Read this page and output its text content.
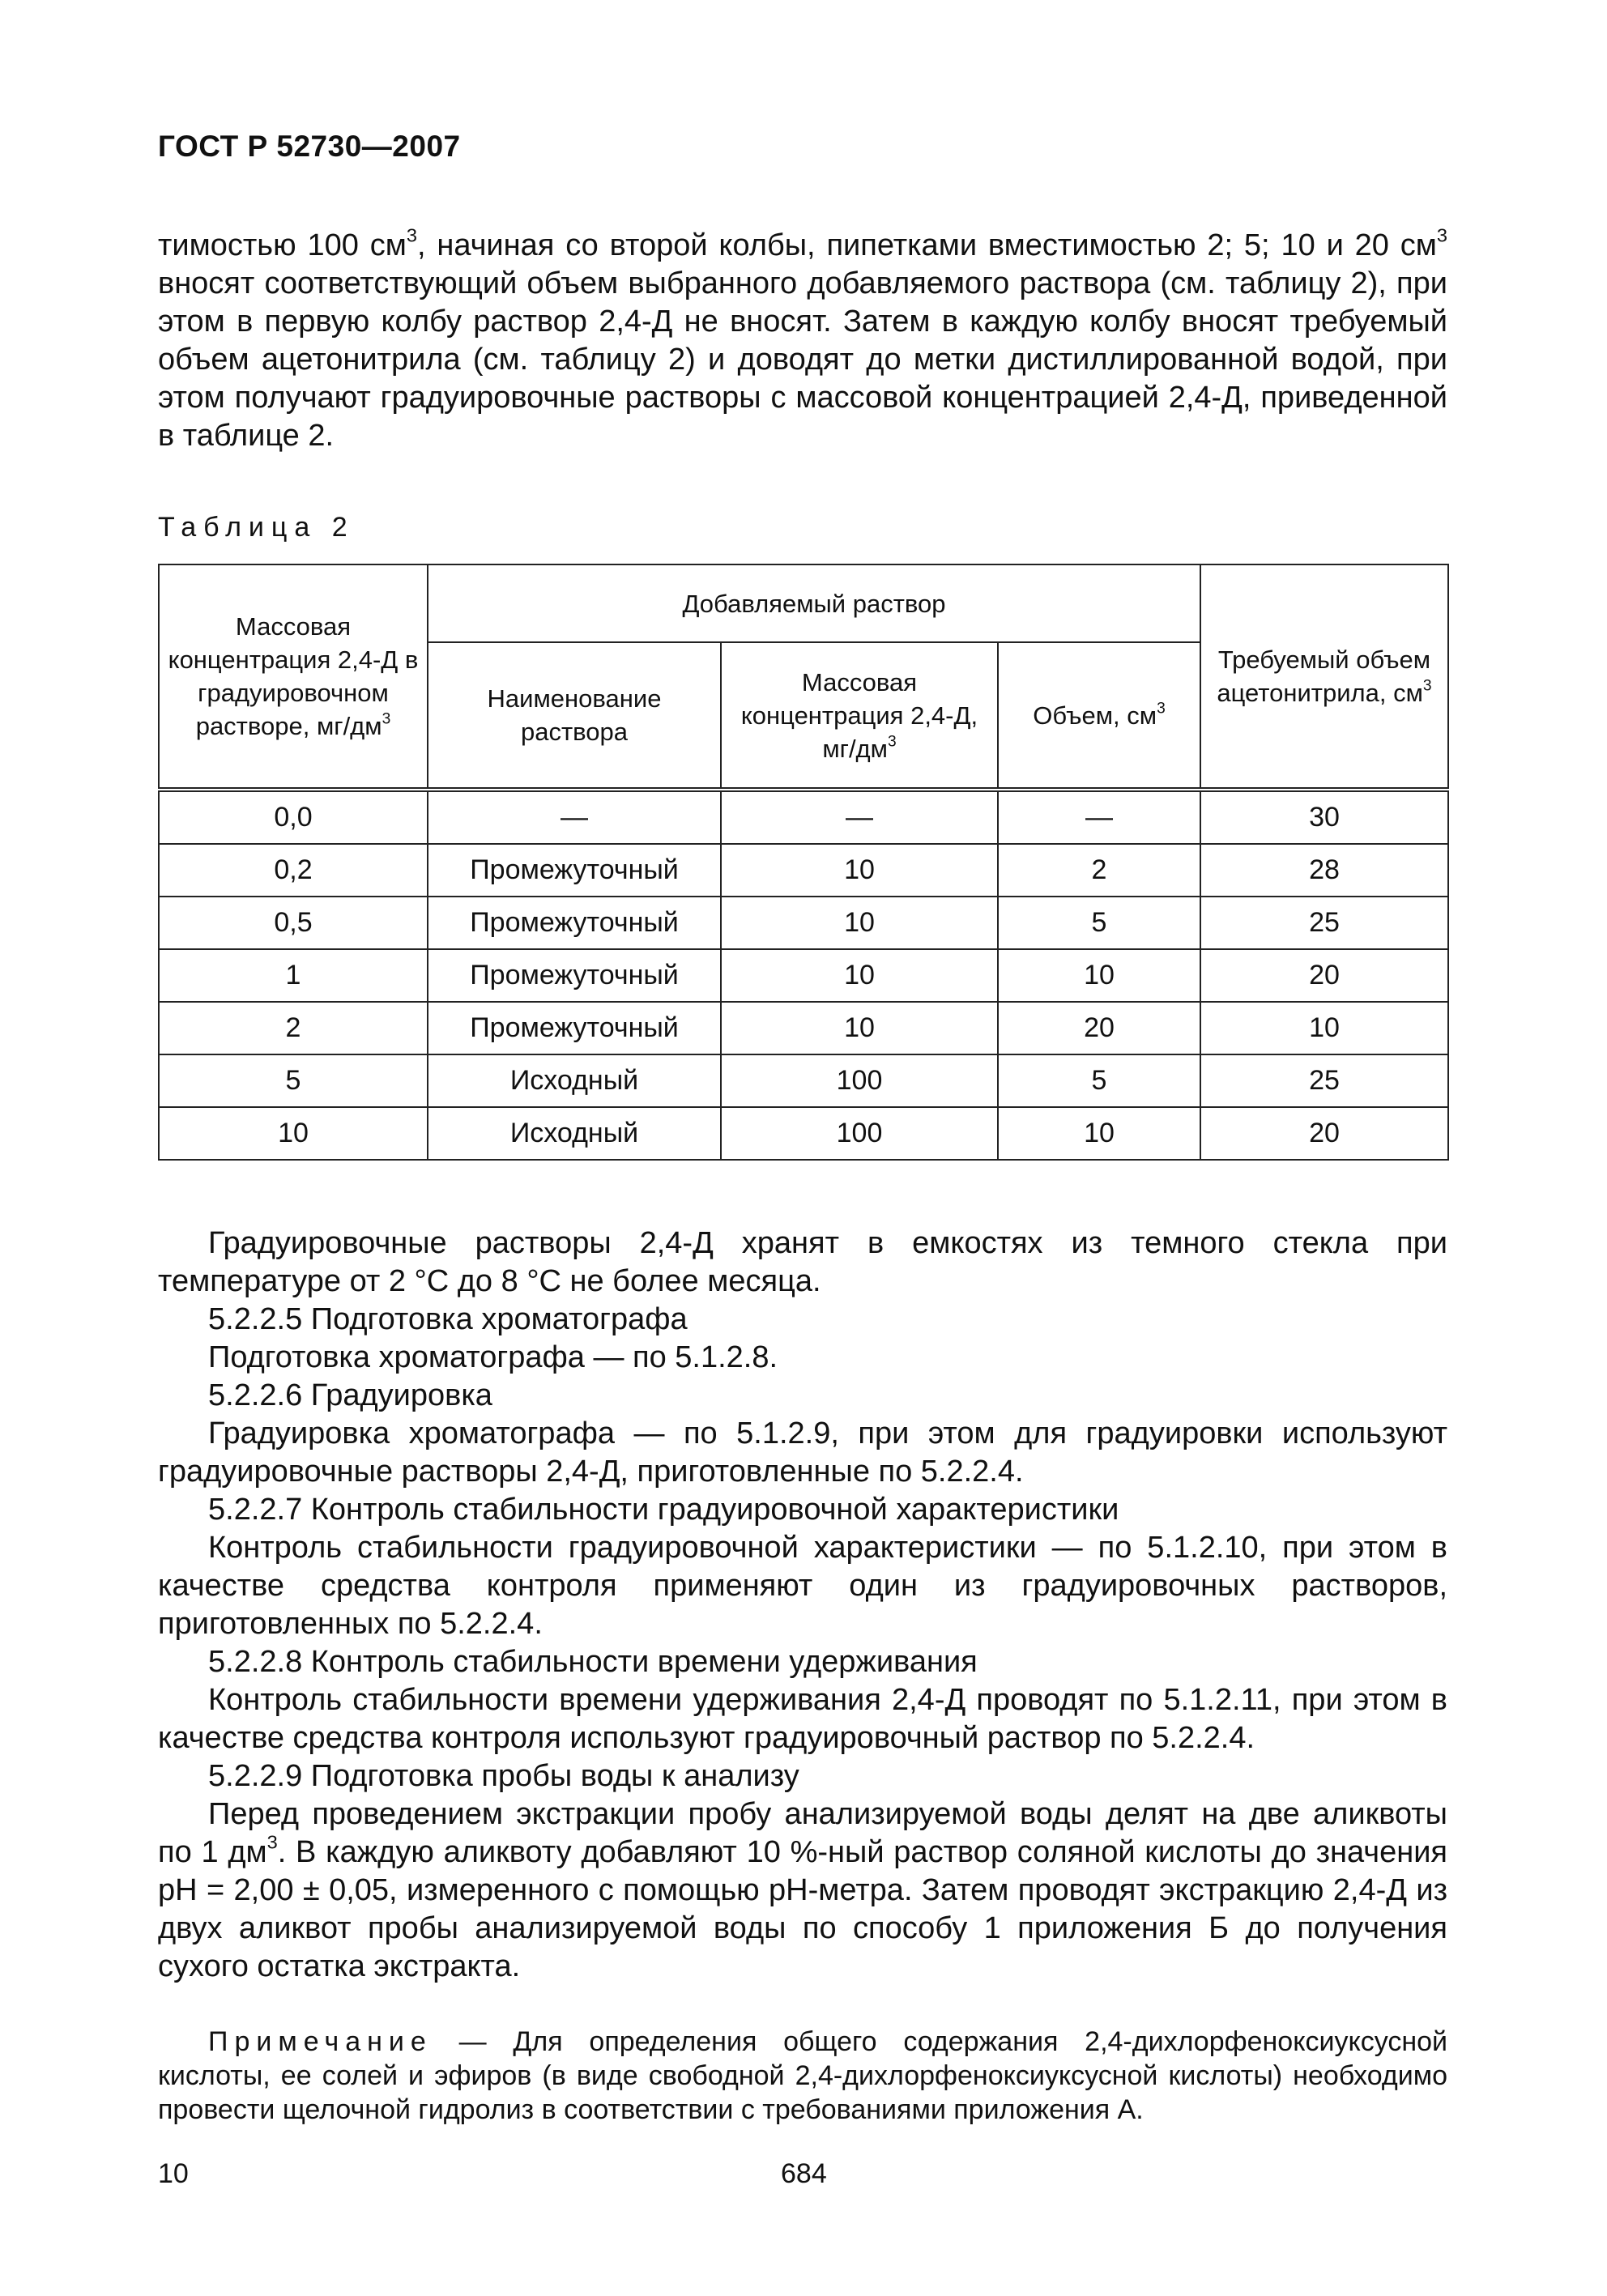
ГОСТ Р 52730—2007

тимостью 100 $см^3$, начиная со второй колбы, пипетками вместимостью 2; 5; 10 и 20 $см^3$ вносят соответствующий объем выбранного добавляемого раствора (см. таблицу 2), при этом в первую колбу раствор 2,4-Д не вносят. Затем в каждую колбу вносят требуемый объем ацетонитрила (см. таблицу 2) и доводят до метки дистиллированной водой, при этом получают градуировочные растворы с массовой концентрацией 2,4-Д, приведенной в таблице 2.

Таблица 2
Массовая концентрация 2,4-Д в градуировочном растворе, $мг/дм^3$	Добавляемый раствор			Требуемый объем ацетонитрила, $см^3$
	Наименование раствора	Массовая концентрация 2,4-Д, $мг/дм^3$	Объем, $см^3$
0,0	—	—	—	30
0,2	Промежуточный	10	2	28
0,5	Промежуточный	10	5	25
1	Промежуточный	10	10	20
2	Промежуточный	10	20	10
5	Исходный	100	5	25
10	Исходный	100	10	20

Градуировочные растворы 2,4-Д хранят в емкостях из темного стекла при температуре от 2 °С до 8 °С не более месяца.

5.2.2.5 Подготовка хроматографа

Подготовка хроматографа — по 5.1.2.8.

5.2.2.6 Градуировка

Градуировка хроматографа — по 5.1.2.9, при этом для градуировки используют градуировочные растворы 2,4-Д, приготовленные по 5.2.2.4.

5.2.2.7 Контроль стабильности градуировочной характеристики

Контроль стабильности градуировочной характеристики — по 5.1.2.10, при этом в качестве средства контроля применяют один из градуировочных растворов, приготовленных по 5.2.2.4.

5.2.2.8 Контроль стабильности времени удерживания

Контроль стабильности времени удерживания 2,4-Д проводят по 5.1.2.11, при этом в качестве средства контроля используют градуировочный раствор по 5.2.2.4.

5.2.2.9 Подготовка пробы воды к анализу

Перед проведением экстракции пробу анализируемой воды делят на две аликвоты по 1 $дм^3$. В каждую аликвоту добавляют 10 %-ный раствор соляной кислоты до значения pH = 2,00 ± 0,05, измеренного с помощью pH-метра. Затем проводят экстракцию 2,4-Д из двух аликвот пробы анализируемой воды по способу 1 приложения Б до получения сухого остатка экстракта.

Примечание — Для определения общего содержания 2,4-дихлорфеноксиуксусной кислоты, ее солей и эфиров (в виде свободной 2,4-дихлорфеноксиуксусной кислоты) необходимо провести щелочной гидролиз в соответствии с требованиями приложения А.
10	684
